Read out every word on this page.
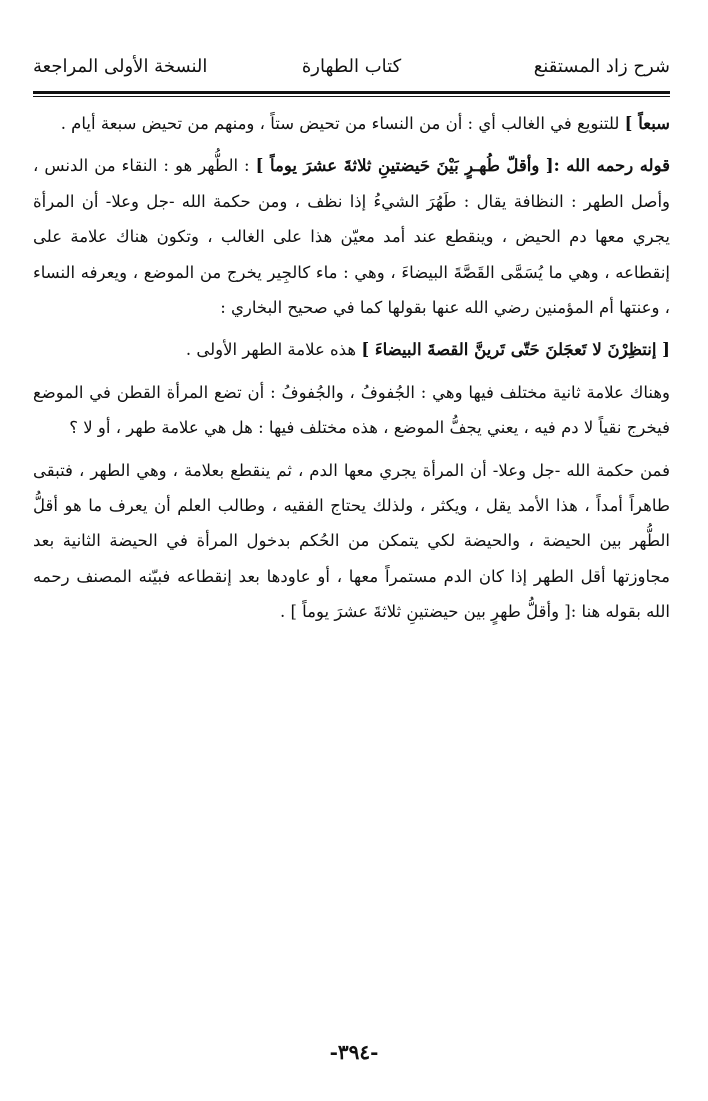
شرح زاد المستقنع
كتاب الطهارة
النسخة الأولى المراجعة

سبعاً ] للتنويع في الغالب أي : أن من النساء من تحيض ستاً ، ومنهم من تحيض سبعة أيام .

قوله رحمه الله :[ وأقلّ طُهـرٍ بَيْنَ حَيضتينِ ثلاثةَ عشرَ يوماً ] : الطُّهر هو : النقاء من الدنس ، وأصل الطهر : النظافة يقال : طَهُرَ الشيءُ إذا نظف ، ومن حكمة الله -جل وعلا- أن المرأة يجري معها دم الحيض ، وينقطع عند أمد معيّن هذا على الغالب ، وتكون هناك علامة على إنقطاعه ، وهي ما يُسَمَّى القَصَّةَ البيضاءَ ، وهي : ماء كالجِير يخرج من الموضع ، ويعرفه النساء ، وعنتها أم المؤمنين رضي الله عنها بقولها كما في صحيح البخاري :

[ إنتظِرْنَ لا تَعجَلنَ حَتّى تَرينَّ القصةَ البيضاءَ ] هذه علامة الطهر الأولى .

وهناك علامة ثانية مختلف فيها وهي : الجُفوفُ ، والجُفوفُ : أن تضع المرأة القطن في الموضع فيخرج نقياً لا دم فيه ، يعني يجفُّ الموضع ، هذه مختلف فيها : هل هي علامة طهر ، أو لا ؟

فمن حكمة الله -جل وعلا- أن المرأة يجري معها الدم ، ثم ينقطع بعلامة ، وهي الطهر ، فتبقى طاهراً أمداً ، هذا الأمد يقل ، ويكثر ، ولذلك يحتاج الفقيه ، وطالب العلم أن يعرف ما هو أقلُّ الطُّهر بين الحيضة ، والحيضة لكي يتمكن من الحُكم بدخول المرأة في الحيضة الثانية بعد مجاوزتها أقل الطهر إذا كان الدم مستمراً معها ، أو عاودها بعد إنقطاعه فبيّنه المصنف رحمه الله بقوله هنا :[ وأقلُّ طهرٍ بين حيضتينِ ثلاثةَ عشرَ يوماً ] .

-٣٩٤-
